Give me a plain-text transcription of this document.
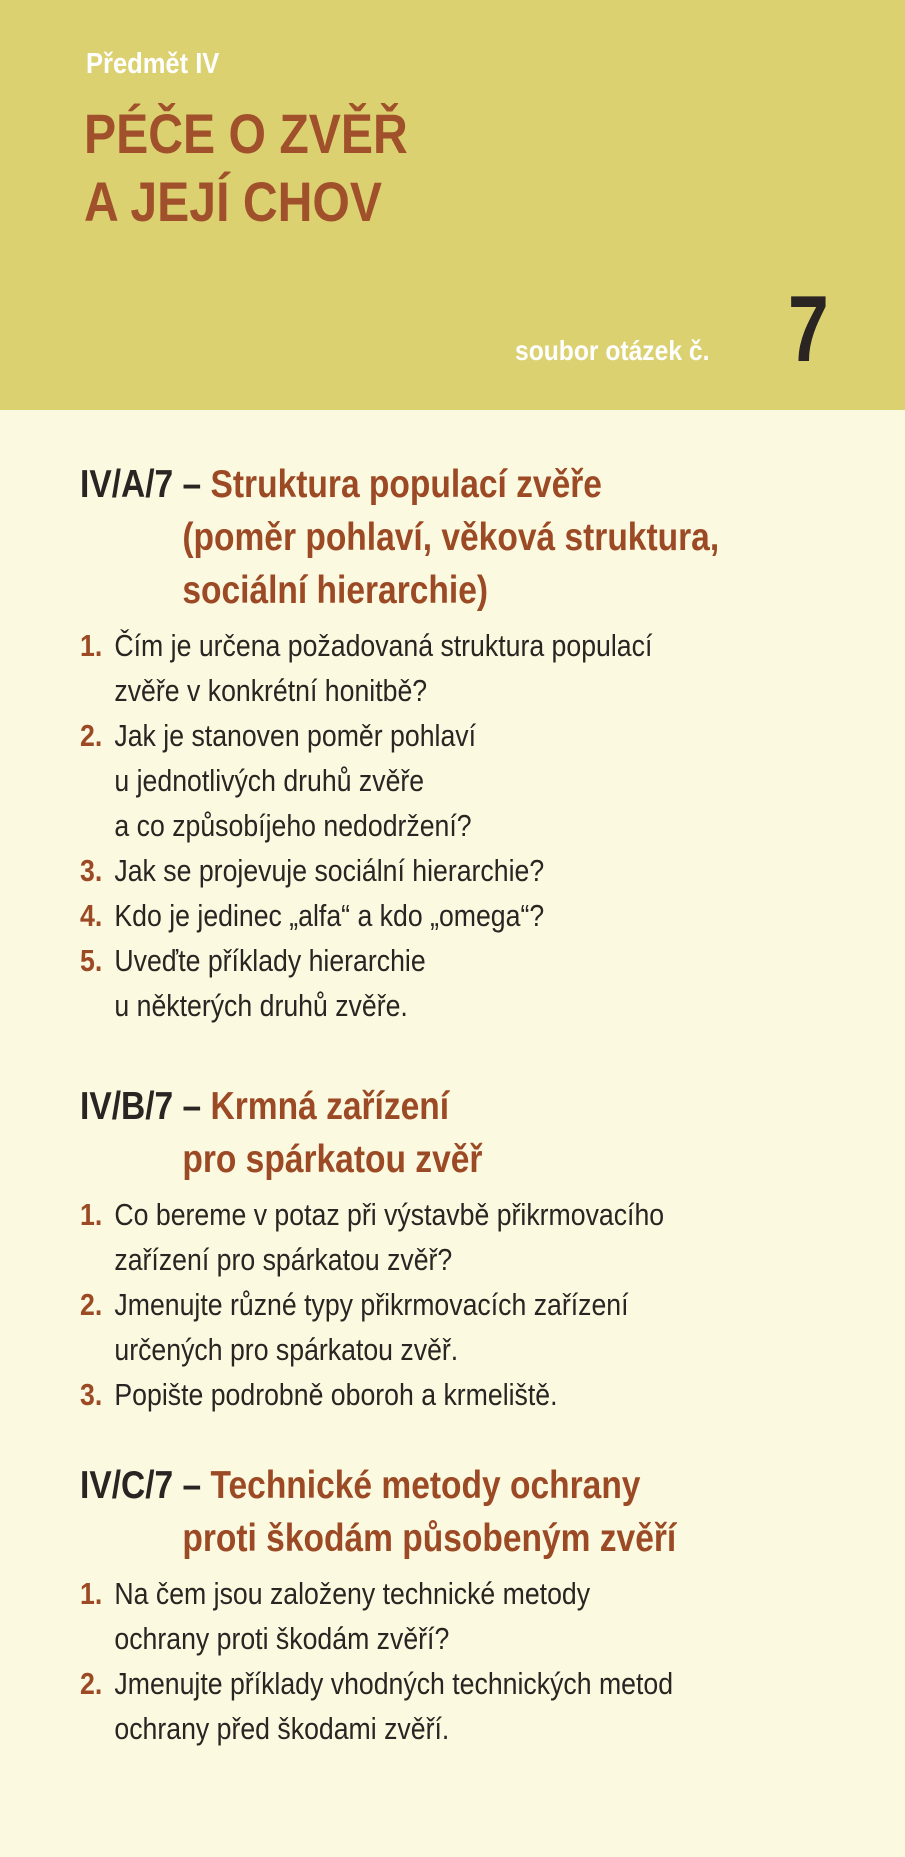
Předmět IV
PÉČE O ZVĚŘ
A JEJÍ CHOV
soubor otázek č. 7
IV/A/7 – Struktura populací zvěře
(poměr pohlaví, věková struktura,
sociální hierarchie)
1. Čím je určena požadovaná struktura populací
zvěře v konkrétní honitbě?
2. Jak je stanoven poměr pohlaví
u jednotlivých druhů zvěře
a co způsobíjeho nedodržení?
3. Jak se projevuje sociální hierarchie?
4. Kdo je jedinec „alfa“ a kdo „omega“?
5. Uveďte příklady hierarchie
u některých druhů zvěře.
IV/B/7 – Krmná zařízení
pro spárkatou zvěř
1. Co bereme v potaz při výstavbě přikrmovacího
zařízení pro spárkatou zvěř?
2. Jmenujte různé typy přikrmovacích zařízení
určených pro spárkatou zvěř.
3. Popište podrobně oboroh a krmeliště.
IV/C/7 – Technické metody ochrany
proti škodám působeným zvěří
1. Na čem jsou založeny technické metody
ochrany proti škodám zvěří?
2. Jmenujte příklady vhodných technických metod
ochrany před škodami zvěří.
